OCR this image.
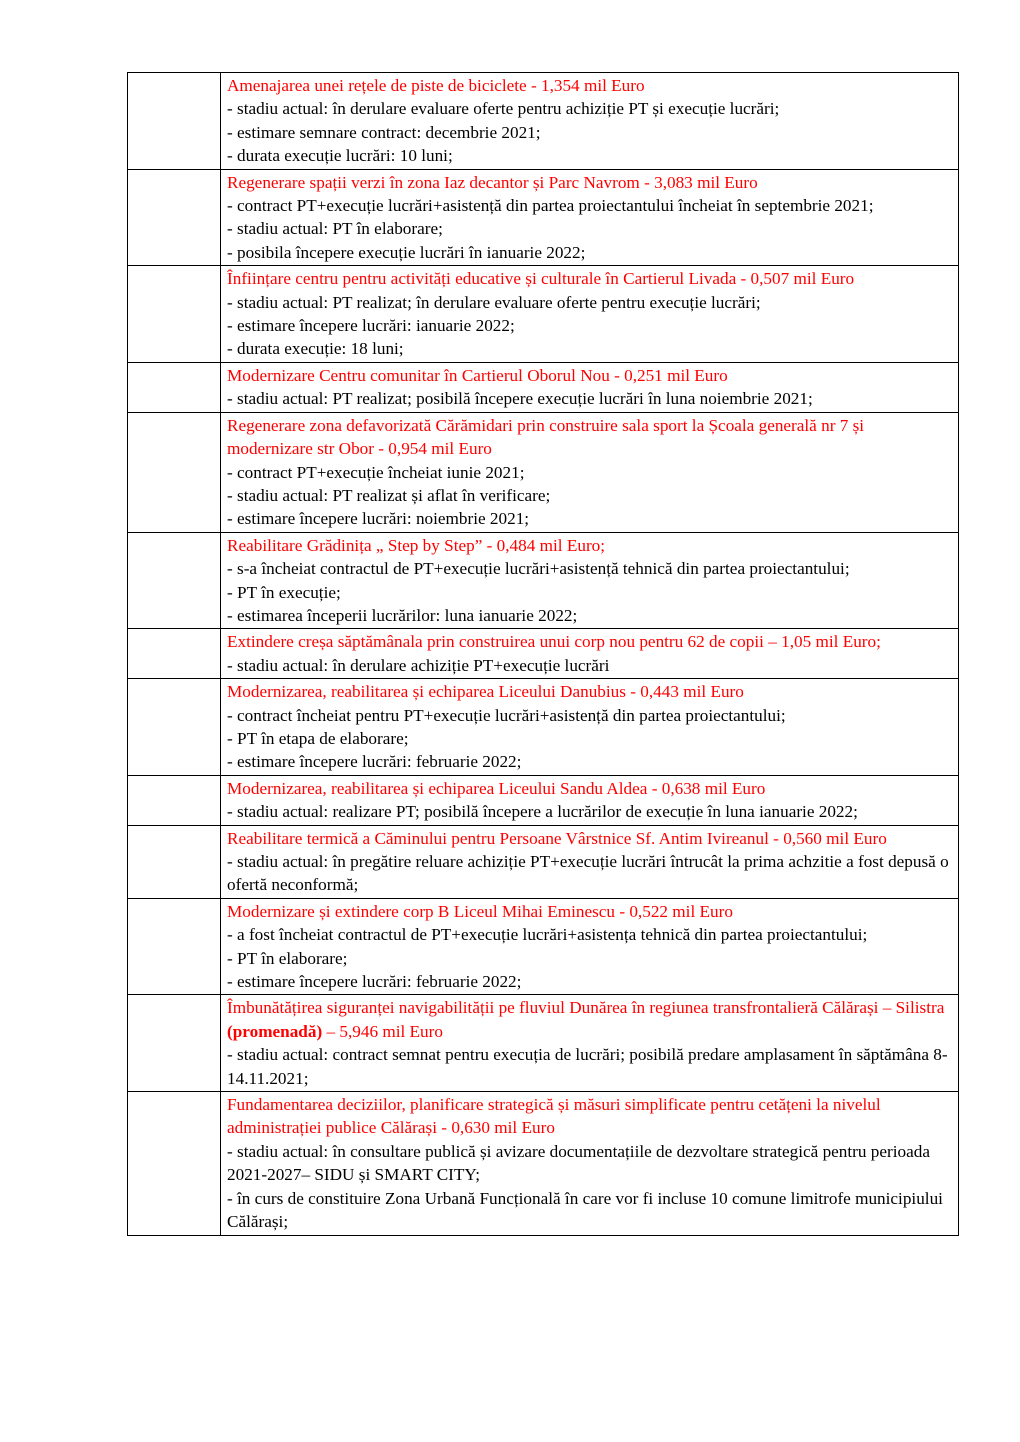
	Amenajarea unei rețele de piste de biciclete - 1,354 mil Euro

- stadiu actual: în derulare evaluare oferte pentru achiziție PT și execuție lucrări;

- estimare semnare contract: decembrie 2021;

- durata execuție lucrări: 10 luni;

	Regenerare spații verzi în zona Iaz decantor și Parc Navrom - 3,083 mil Euro

- contract PT+execuție lucrări+asistență din partea proiectantului încheiat în septembrie 2021;

- stadiu actual: PT în elaborare;

- posibila începere execuție lucrări în ianuarie 2022;

	Înființare centru pentru activități educative și culturale în Cartierul Livada - 0,507 mil Euro

- stadiu actual: PT realizat; în derulare evaluare oferte pentru execuție lucrări;

- estimare începere lucrări: ianuarie 2022;

- durata execuție: 18 luni;

	Modernizare Centru comunitar în Cartierul Oborul Nou - 0,251 mil Euro

- stadiu actual: PT realizat; posibilă începere execuție lucrări în luna noiembrie 2021;

	Regenerare zona defavorizată Cărămidari prin construire sala sport la Școala generală nr 7 și modernizare str Obor - 0,954 mil Euro

- contract PT+execuție încheiat iunie 2021;

- stadiu actual: PT realizat și aflat în verificare;

- estimare începere lucrări: noiembrie 2021;

	Reabilitare Grădinița „ Step by Step” - 0,484 mil Euro;

- s-a încheiat contractul de PT+execuție lucrări+asistență tehnică din partea proiectantului;

- PT în execuție;

- estimarea începerii lucrărilor: luna ianuarie 2022;

	Extindere creșa săptămânala prin construirea unui corp nou pentru 62 de copii – 1,05 mil Euro;

- stadiu actual: în derulare achiziție PT+execuție lucrări

	Modernizarea, reabilitarea și echiparea Liceului Danubius - 0,443 mil Euro

- contract încheiat pentru PT+execuție lucrări+asistență din partea proiectantului;

- PT în etapa de elaborare;

- estimare începere lucrări: februarie 2022;

	Modernizarea, reabilitarea și echiparea Liceului Sandu Aldea - 0,638 mil Euro

- stadiu actual: realizare PT; posibilă începere a lucrărilor de execuție în luna ianuarie 2022;

	Reabilitare termică a Căminului pentru Persoane Vârstnice Sf. Antim Ivireanul - 0,560 mil Euro

- stadiu actual: în pregătire reluare achiziție PT+execuție lucrări întrucât la prima achzitie a fost depusă o ofertă neconformă;

	Modernizare și extindere corp B Liceul Mihai Eminescu - 0,522 mil Euro

- a fost încheiat contractul de PT+execuție lucrări+asistența tehnică din partea proiectantului;

- PT în elaborare;

- estimare începere lucrări: februarie 2022;

	Îmbunătățirea siguranței navigabilității pe fluviul Dunărea în regiunea transfrontalieră Călărași – Silistra (promenadă) – 5,946 mil Euro

- stadiu actual: contract semnat pentru execuția de lucrări; posibilă predare amplasament în săptămâna 8-14.11.2021;

	Fundamentarea deciziilor, planificare strategică și măsuri simplificate pentru cetățeni la nivelul administrației publice Călărași - 0,630 mil Euro

- stadiu actual: în consultare publică și avizare documentațiile de dezvoltare strategică pentru perioada 2021-2027– SIDU și SMART CITY;

- în curs de constituire Zona Urbană Funcțională în care vor fi incluse 10 comune limitrofe municipiului Călărași;
